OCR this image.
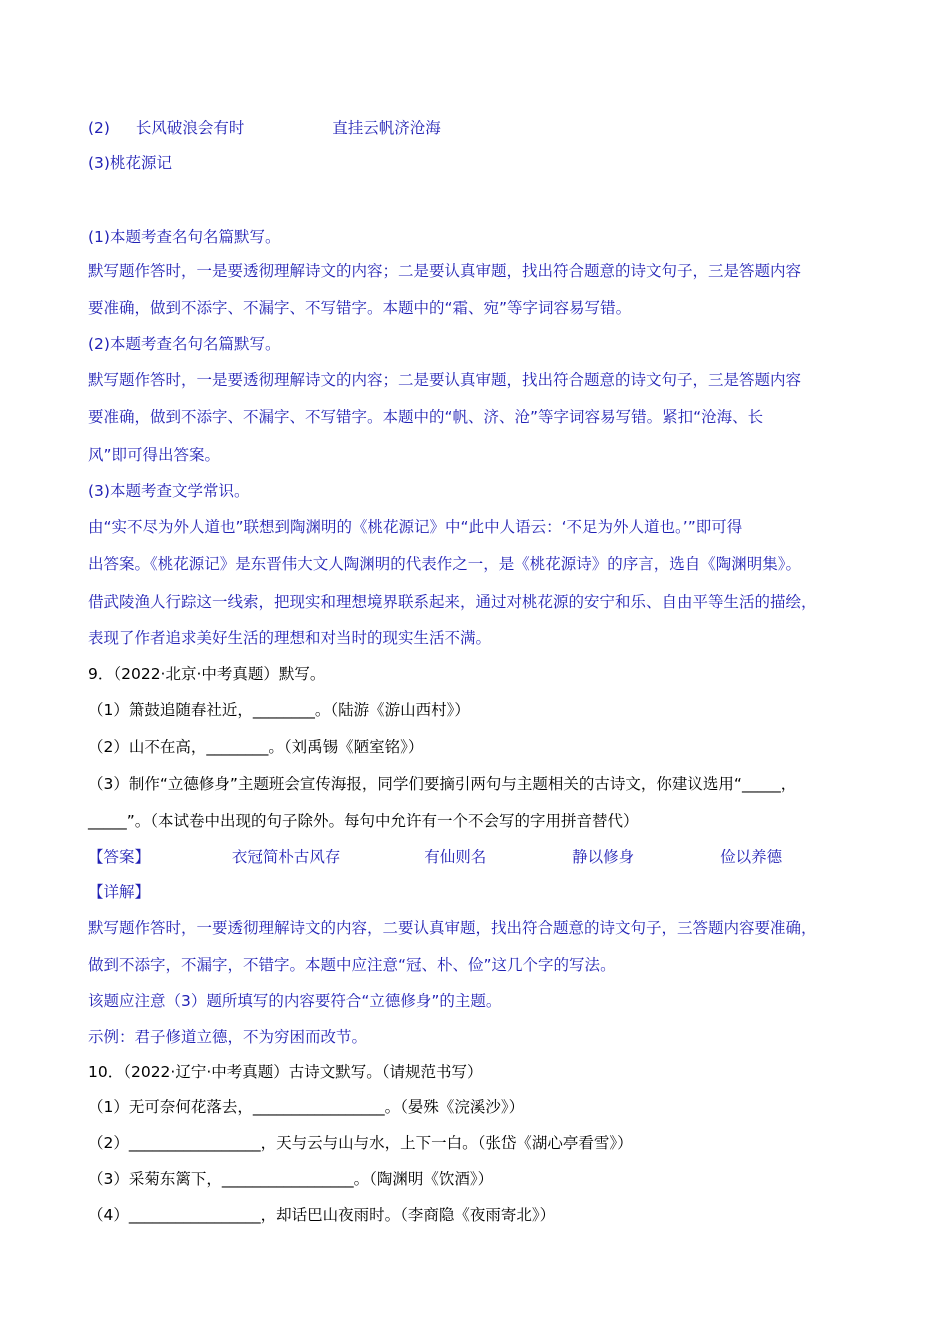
(2) 长风破浪会有时	直挂云帆济沧海
(3)桃花源记
(1)本题考查名句名篇默写。
默写题作答时，一是要透彻理解诗文的内容；二是要认真审题，找出符合题意的诗文句子，三是答题内容
要准确，做到不添字、不漏字、不写错字。本题中的“霜、宛”等字词容易写错。
(2)本题考查名句名篇默写。
默写题作答时，一是要透彻理解诗文的内容；二是要认真审题，找出符合题意的诗文句子，三是答题内容
要准确，做到不添字、不漏字、不写错字。本题中的“帆、济、沧”等字词容易写错。紧扣“沧海、长
风”即可得出答案。
(3)本题考查文学常识。
由“实不尽为外人道也”联想到陶渊明的《桃花源记》中“此中人语云：‘不足为外人道也。’”即可得
出答案。《桃花源记》是东晋伟大文人陶渊明的代表作之一，是《桃花源诗》的序言，选自《陶渊明集》。
借武陵渔人行踪这一线索，把现实和理想境界联系起来，通过对桃花源的安宁和乐、自由平等生活的描绘，
表现了作者追求美好生活的理想和对当时的现实生活不满。
9．（2022·北京·中考真题）默写。
（1）箫鼓追随春社近，________。（陆游《游山西村》）
（2）山不在高，________。（刘禹锡《陋室铭》）
（3）制作“立德修身”主题班会宣传海报，同学们要摘引两句与主题相关的古诗文，你建议选用“_____，
_____”。（本试卷中出现的句子除外。每句中允许有一个不会写的字用拼音替代）
【答案】	衣冠简朴古风存	有仙则名	静以修身	俭以养德
【详解】
默写题作答时，一要透彻理解诗文的内容，二要认真审题，找出符合题意的诗文句子，三答题内容要准确，
做到不添字，不漏字，不错字。本题中应注意“冠、朴、俭”这几个字的写法。
该题应注意（3）题所填写的内容要符合“立德修身”的主题。
示例：君子修道立德，不为穷困而改节。
10．（2022·辽宁·中考真题）古诗文默写。（请规范书写）
（1）无可奈何花落去，_________________。（晏殊《浣溪沙》）
（2）_________________，天与云与山与水，上下一白。（张岱《湖心亭看雪》）
（3）采菊东篱下，_________________。（陶渊明《饮酒》）
（4）_________________，却话巴山夜雨时。（李商隐《夜雨寄北》）
